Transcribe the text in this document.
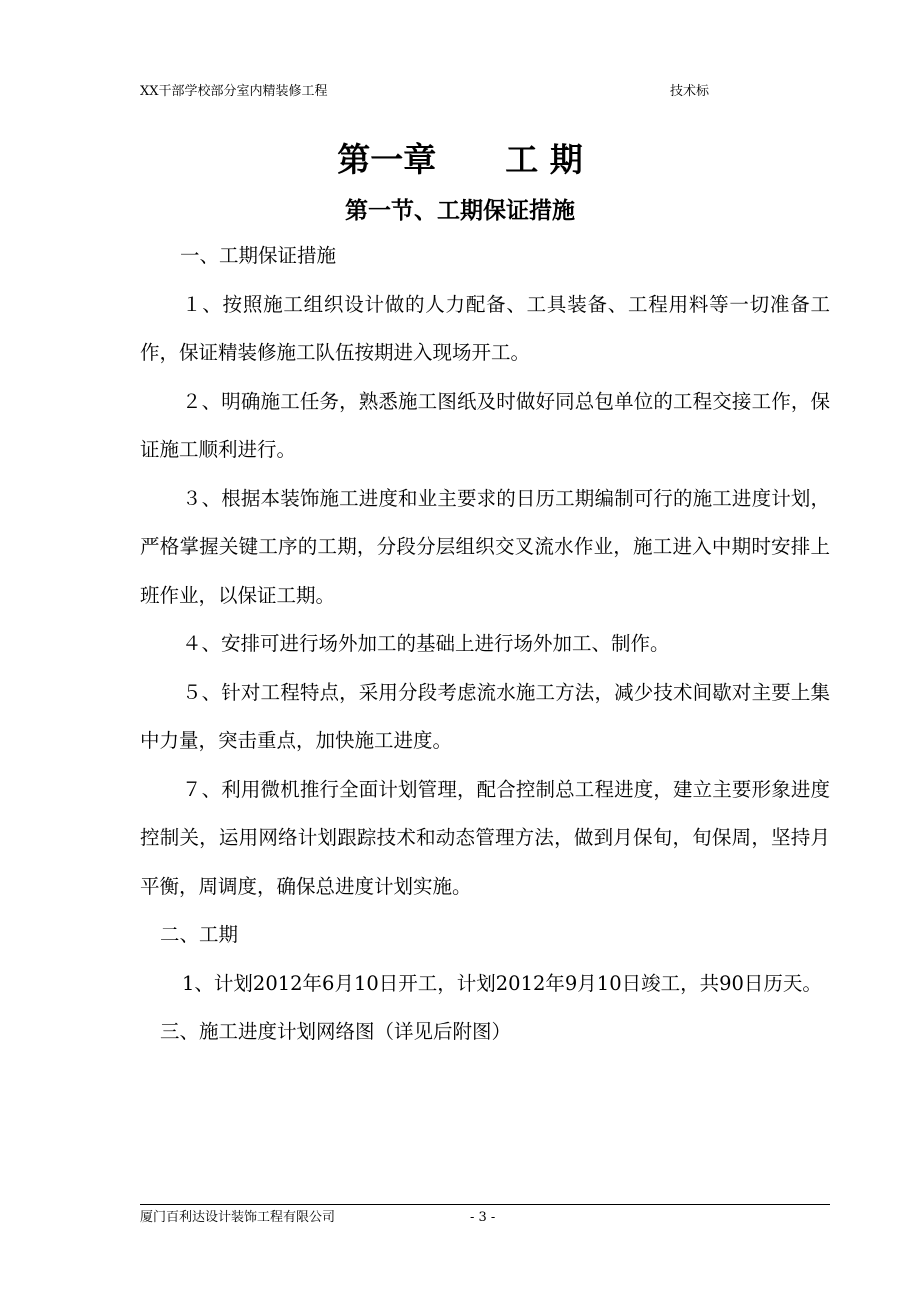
XX干部学校部分室内精装修工程	技术标
第一章      工 期
第一节、工期保证措施

一、工期保证措施

１、按照施工组织设计做的人力配备、工具装备、工程用料等一切准备工作，保证精装修施工队伍按期进入现场开工。

２、明确施工任务，熟悉施工图纸及时做好同总包单位的工程交接工作，保证施工顺利进行。

３、根据本装饰施工进度和业主要求的日历工期编制可行的施工进度计划，严格掌握关键工序的工期，分段分层组织交叉流水作业，施工进入中期时安排上班作业，以保证工期。

４、安排可进行场外加工的基础上进行场外加工、制作。

５、针对工程特点，采用分段考虑流水施工方法，减少技术间歇对主要上集中力量，突击重点，加快施工进度。

７、利用微机推行全面计划管理，配合控制总工程进度，建立主要形象进度控制关，运用网络计划跟踪技术和动态管理方法，做到月保旬，旬保周，坚持月平衡，周调度，确保总进度计划实施。

二、工期

1、计划2012年6月10日开工，计划2012年9月10日竣工，共90日历天。

三、施工进度计划网络图（详见后附图）

厦门百利达设计装饰工程有限公司	- 3 -
